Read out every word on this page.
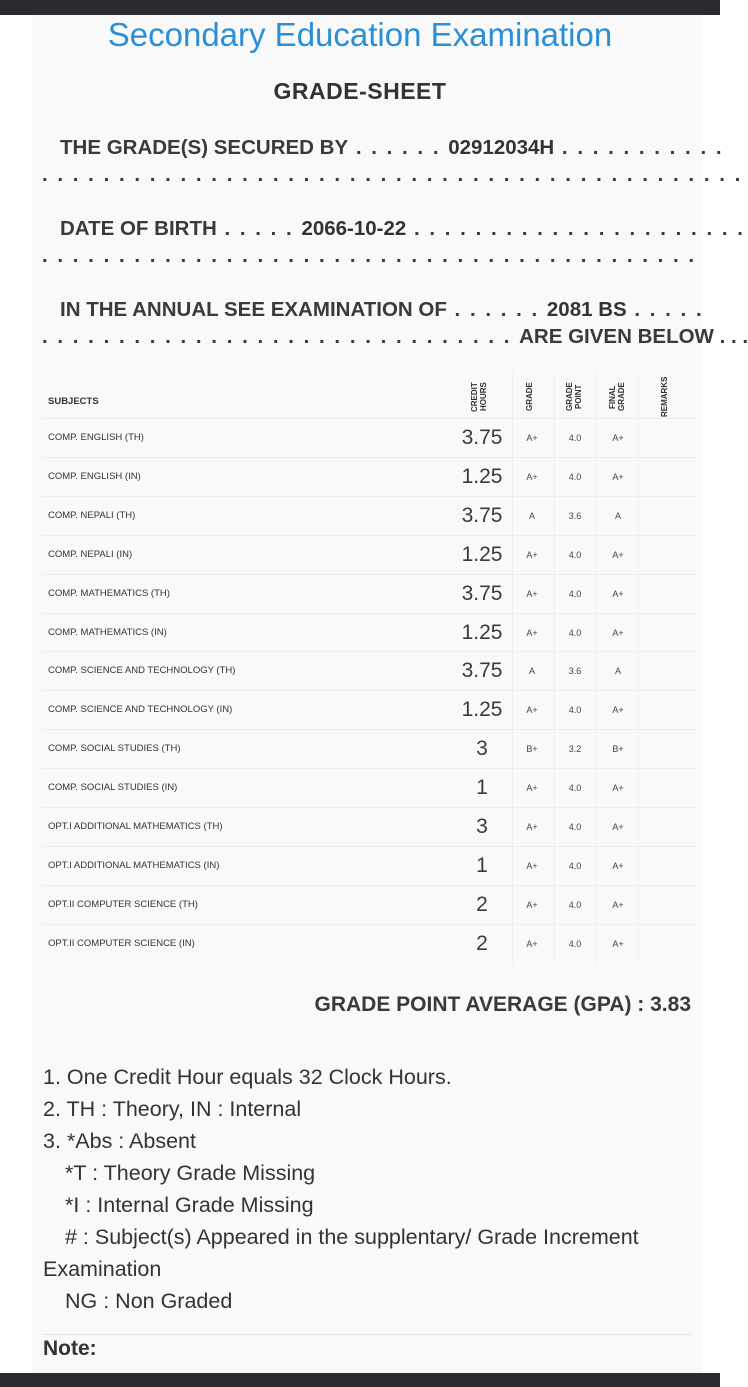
Secondary Education Examination
GRADE-SHEET
THE GRADE(S) SECURED BY . . . . . . 02912034H . . . . . . . . . . .
. . . . . . . . . . . . . . . . . . . . . . . . . . . . . . . . . . . . . . . . . . . . . .
DATE OF BIRTH . . . . . 2066-10-22 . . . . . . . . . . . . . . . . . . . . . .
. . . . . . . . . . . . . . . . . . . . . . . . . . . . . . . . . . . . . . . . . . .
IN THE ANNUAL SEE EXAMINATION OF . . . . . . 2081 BS . . . . .
. . . . . . . . . . . . . . . . . . . . . . . . . . . . . . . ARE GIVEN BELOW . . .
SUBJECTS	CREDIT HOURS	GRADE	GRADE POINT	FINAL GRADE	REMARKS
COMP. ENGLISH (TH)	3.75	A+	4.0	A+
COMP. ENGLISH (IN)	1.25	A+	4.0	A+
COMP. NEPALI (TH)	3.75	A	3.6	A
COMP. NEPALI (IN)	1.25	A+	4.0	A+
COMP. MATHEMATICS (TH)	3.75	A+	4.0	A+
COMP. MATHEMATICS (IN)	1.25	A+	4.0	A+
COMP. SCIENCE AND TECHNOLOGY (TH)	3.75	A	3.6	A
COMP. SCIENCE AND TECHNOLOGY (IN)	1.25	A+	4.0	A+
COMP. SOCIAL STUDIES (TH)	3	B+	3.2	B+
COMP. SOCIAL STUDIES (IN)	1	A+	4.0	A+
OPT.I ADDITIONAL MATHEMATICS (TH)	3	A+	4.0	A+
OPT.I ADDITIONAL MATHEMATICS (IN)	1	A+	4.0	A+
OPT.II COMPUTER SCIENCE (TH)	2	A+	4.0	A+
OPT.II COMPUTER SCIENCE (IN)	2	A+	4.0	A+
GRADE POINT AVERAGE (GPA) : 3.83
1. One Credit Hour equals 32 Clock Hours.
2. TH : Theory, IN : Internal
3. *Abs : Absent
*T : Theory Grade Missing
*I : Internal Grade Missing
# : Subject(s) Appeared in the supplentary/ Grade Increment
Examination
NG : Non Graded
Note:
